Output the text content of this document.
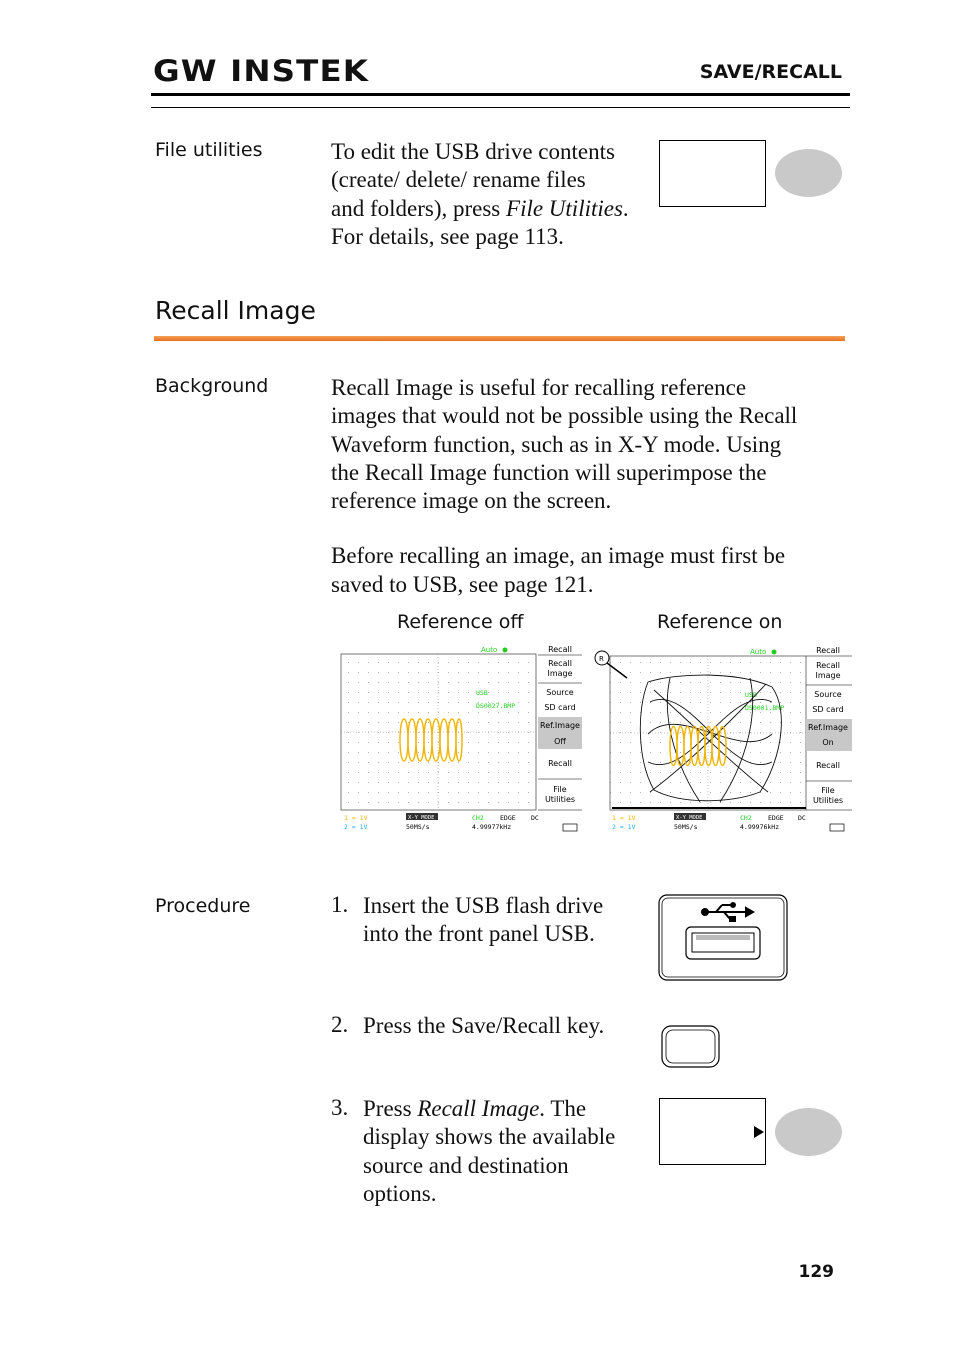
GW INSTEK	SAVE/RECALL
File utilities	To edit the USB drive contents
(create/ delete/ rename files
and folders), press File Utilities.
For details, see page 113.
Recall Image
Background	Recall Image is useful for recalling reference
images that would not be possible using the Recall
Waveform function, such as in X-Y mode. Using
the Recall Image function will superimpose the
reference image on the screen.
Before recalling an image, an image must first be
saved to USB, see page 121.
Reference off	Reference on
Auto
USB
DS0027.BMP
Recall
Recall
Image
Source
SD card
Ref.Image
Off
Recall
File
Utilities
1 = 1V
2 = 1V
X-Y MODE
50MS/s
CH2	EDGE DC
4.99977kHz
R
Auto
USB
DS0001.BMP
Recall
Recall
Image
Source
SD card
Ref.Image
On
Recall
File
Utilities
1 = 1V
2 = 1V
X-Y MODE
50MS/s
CH2	EDGE DC
4.99976kHz
Procedure	1. Insert the USB flash drive
into the front panel USB.
2. Press the Save/Recall key.
3. Press Recall Image. The
display shows the available
source and destination
options.
129
